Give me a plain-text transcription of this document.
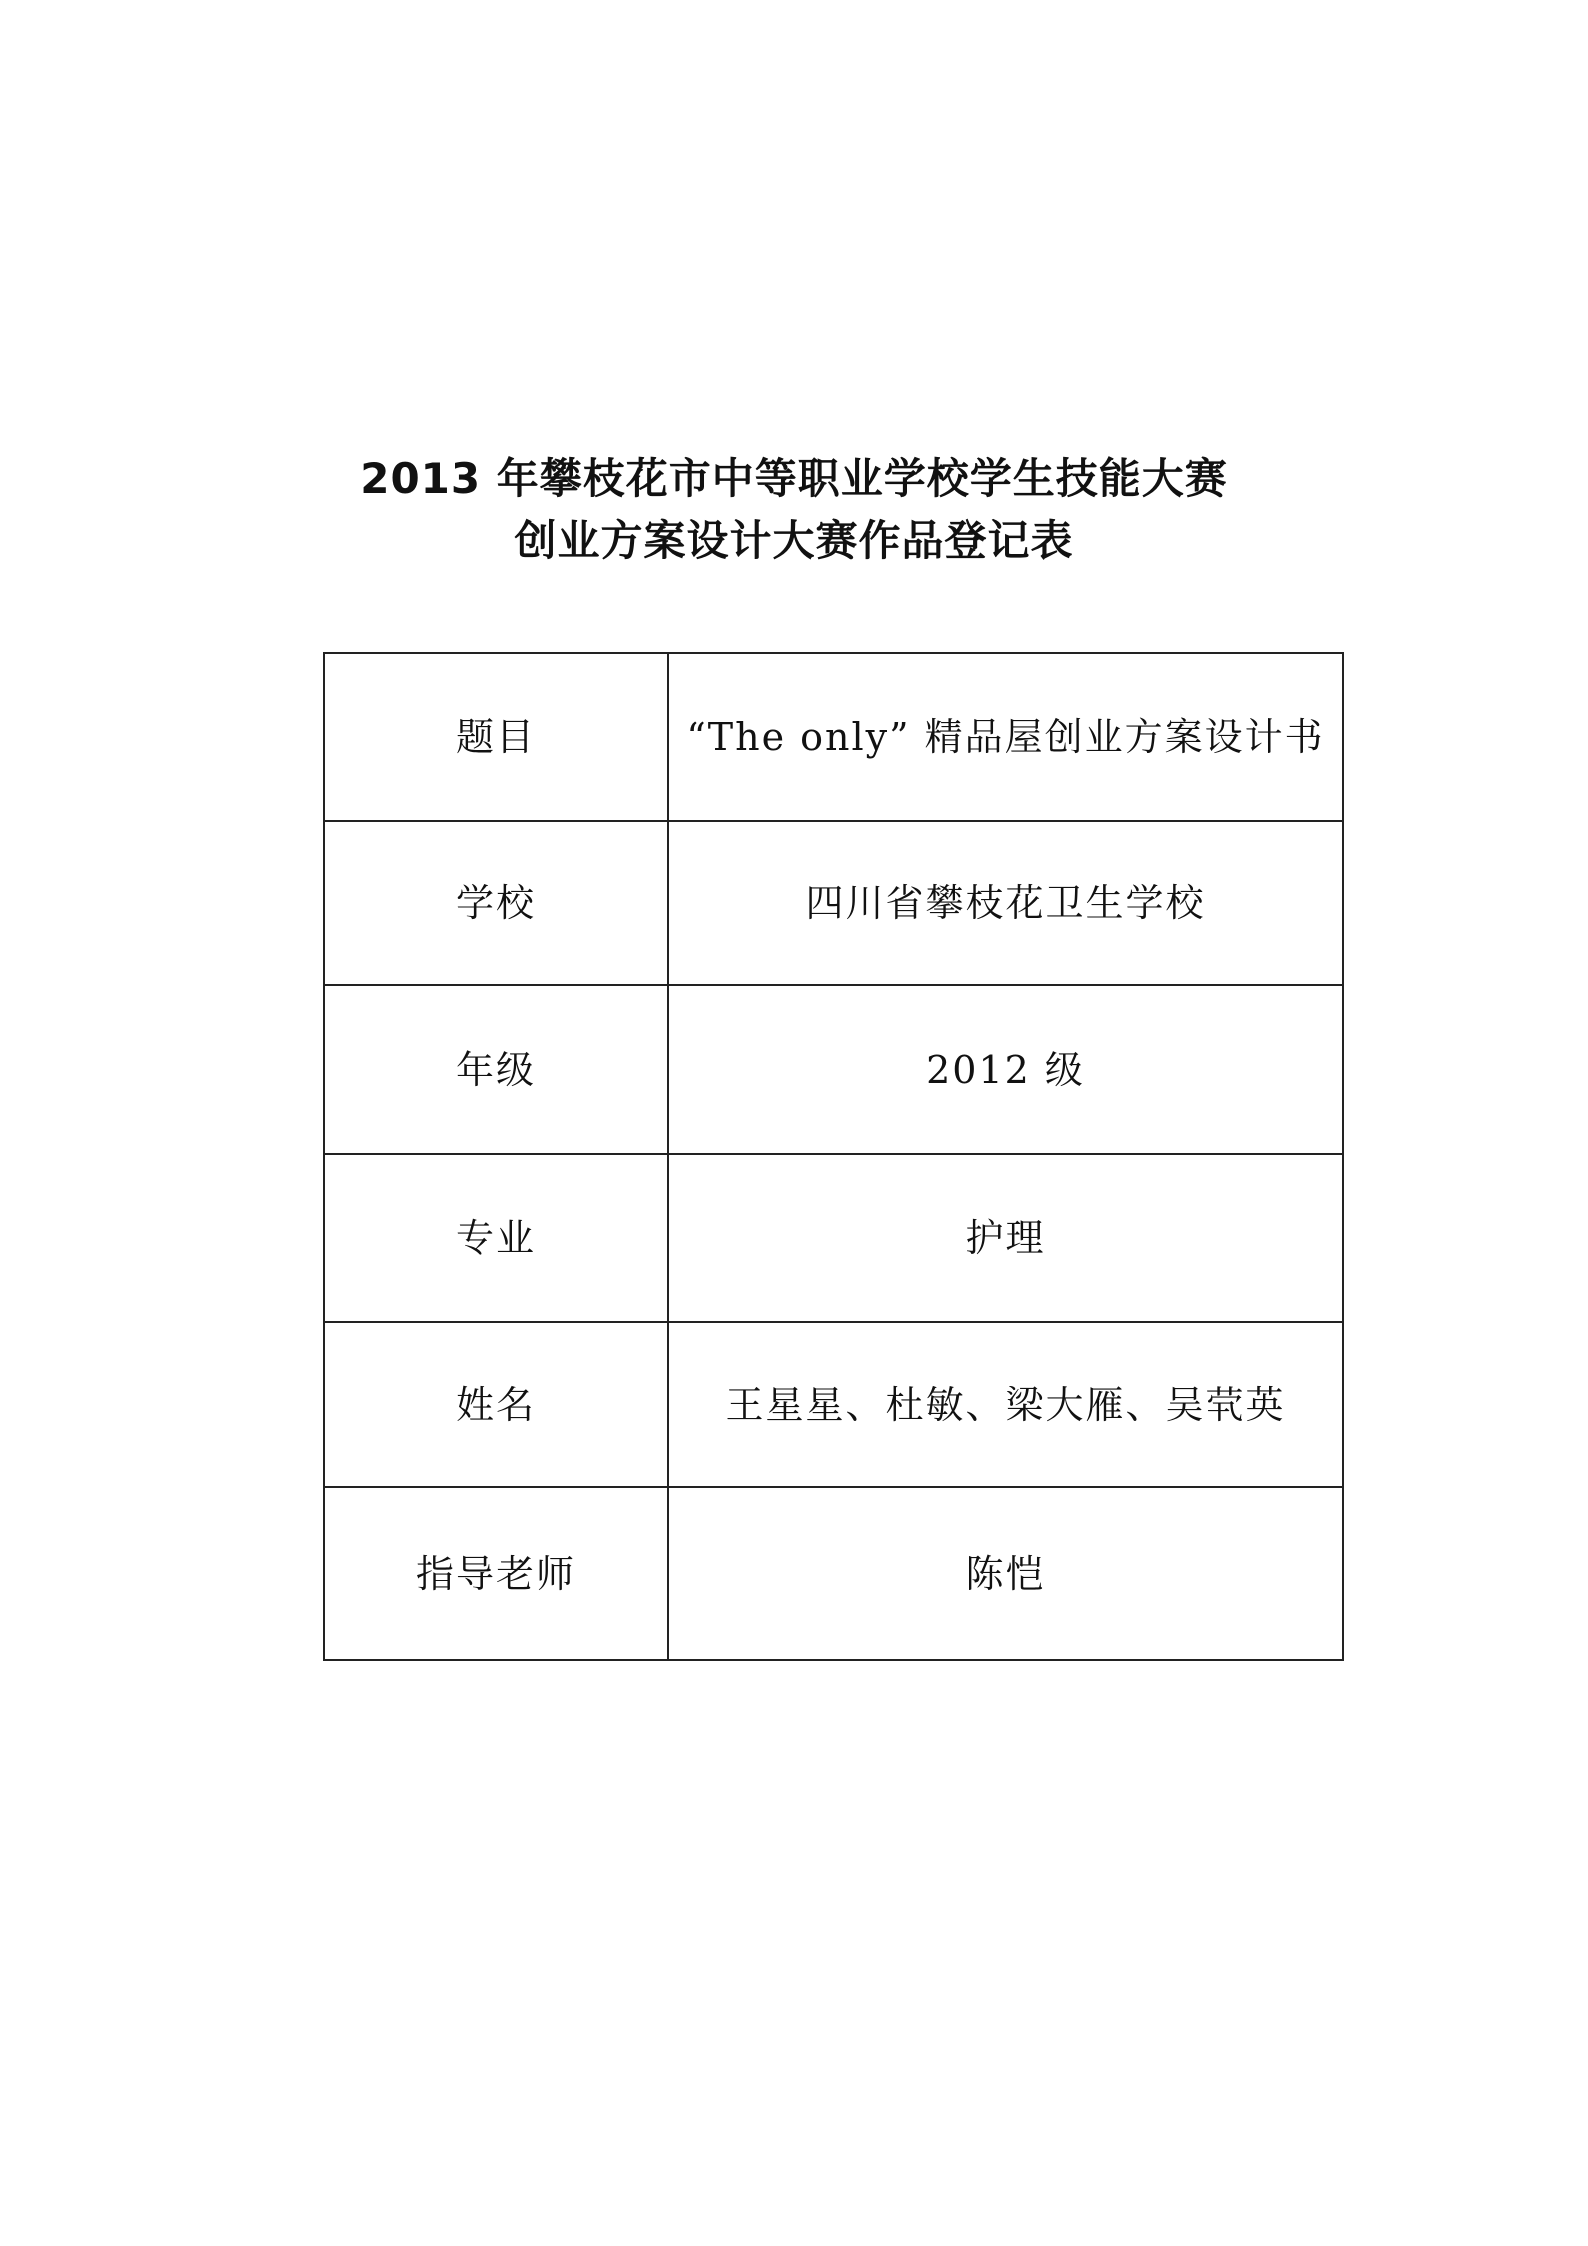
2013 年攀枝花市中等职业学校学生技能大赛
创业方案设计大赛作品登记表
题目	“The only” 精品屋创业方案设计书
学校	四川省攀枝花卫生学校
年级	2012 级
专业	护理
姓名	王星星、杜敏、梁大雁、吴茕英
指导老师	陈恺
